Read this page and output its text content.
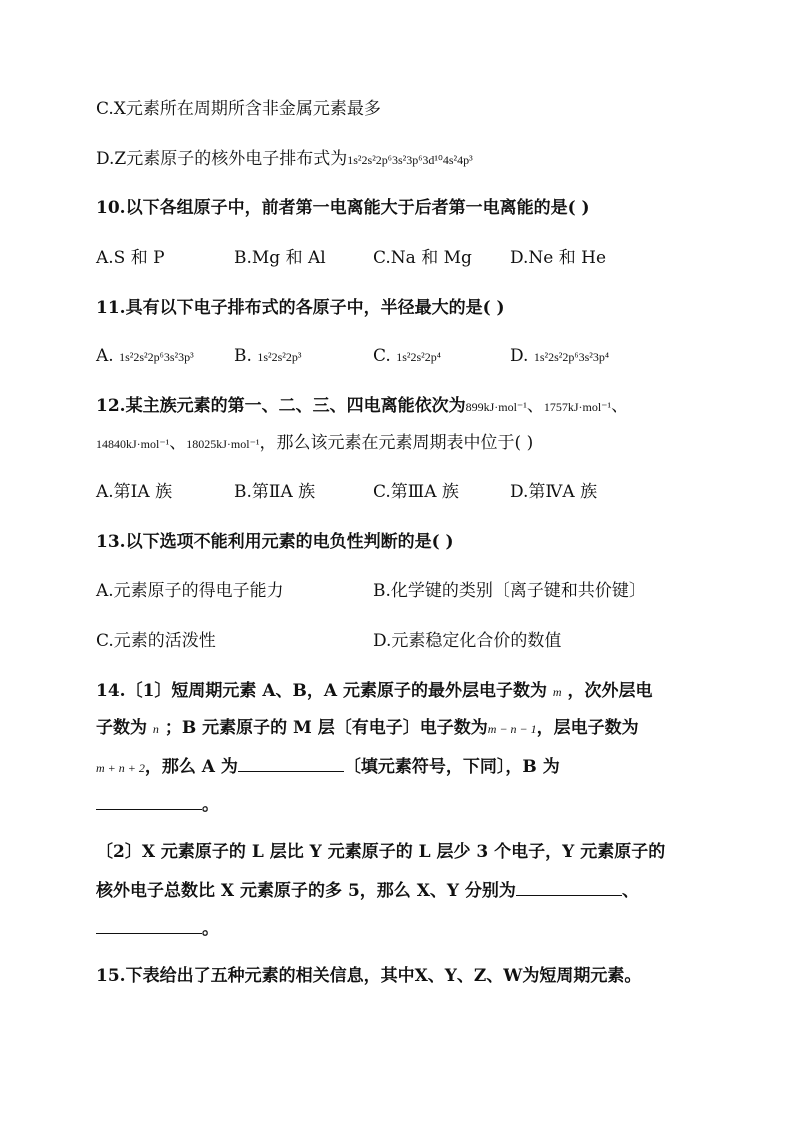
C.X元素所在周期所含非金属元素最多
D.Z元素原子的核外电子排布式为1s²2s²2p⁶3s²3p⁶3d¹⁰4s²4p³
10.以下各组原子中，前者第一电离能大于后者第一电离能的是( )
A.S 和 P	B.Mg 和 Al	C.Na 和 Mg D.Ne 和 He
11.具有以下电子排布式的各原子中，半径最大的是( )
A. 1s²2s²2p⁶3s²3p³ B. 1s²2s²2p³	C. 1s²2s²2p⁴	D. 1s²2s²2p⁶3s²3p⁴
12.某主族元素的第一、二、三、四电离能依次为899kJ·mol⁻¹、1757kJ·mol⁻¹、
14840kJ·mol⁻¹、18025kJ·mol⁻¹，那么该元素在元素周期表中位于( )
A.第ⅠA 族	B.第ⅡA 族	C.第ⅢA 族	D.第ⅣA 族
13.以下选项不能利用元素的电负性判断的是( )
A.元素原子的得电子能力	B.化学键的类别〔离子键和共价键〕
C.元素的活泼性	D.元素稳定化合价的数值
14.〔1〕短周期元素 A、B，A 元素原子的最外层电子数为 m ，次外层电
子数为 n ；B 元素原子的 M 层〔有电子〕电子数为m − n − 1，层电子数为
m + n + 2，那么 A 为	〔填元素符号，下同〕，B 为
。
〔2〕X 元素原子的 L 层比 Y 元素原子的 L 层少 3 个电子，Y 元素原子的
核外电子总数比 X 元素原子的多 5，那么 X、Y 分别为	、
。
15.下表给出了五种元素的相关信息，其中X、Y、Z、W为短周期元素。
